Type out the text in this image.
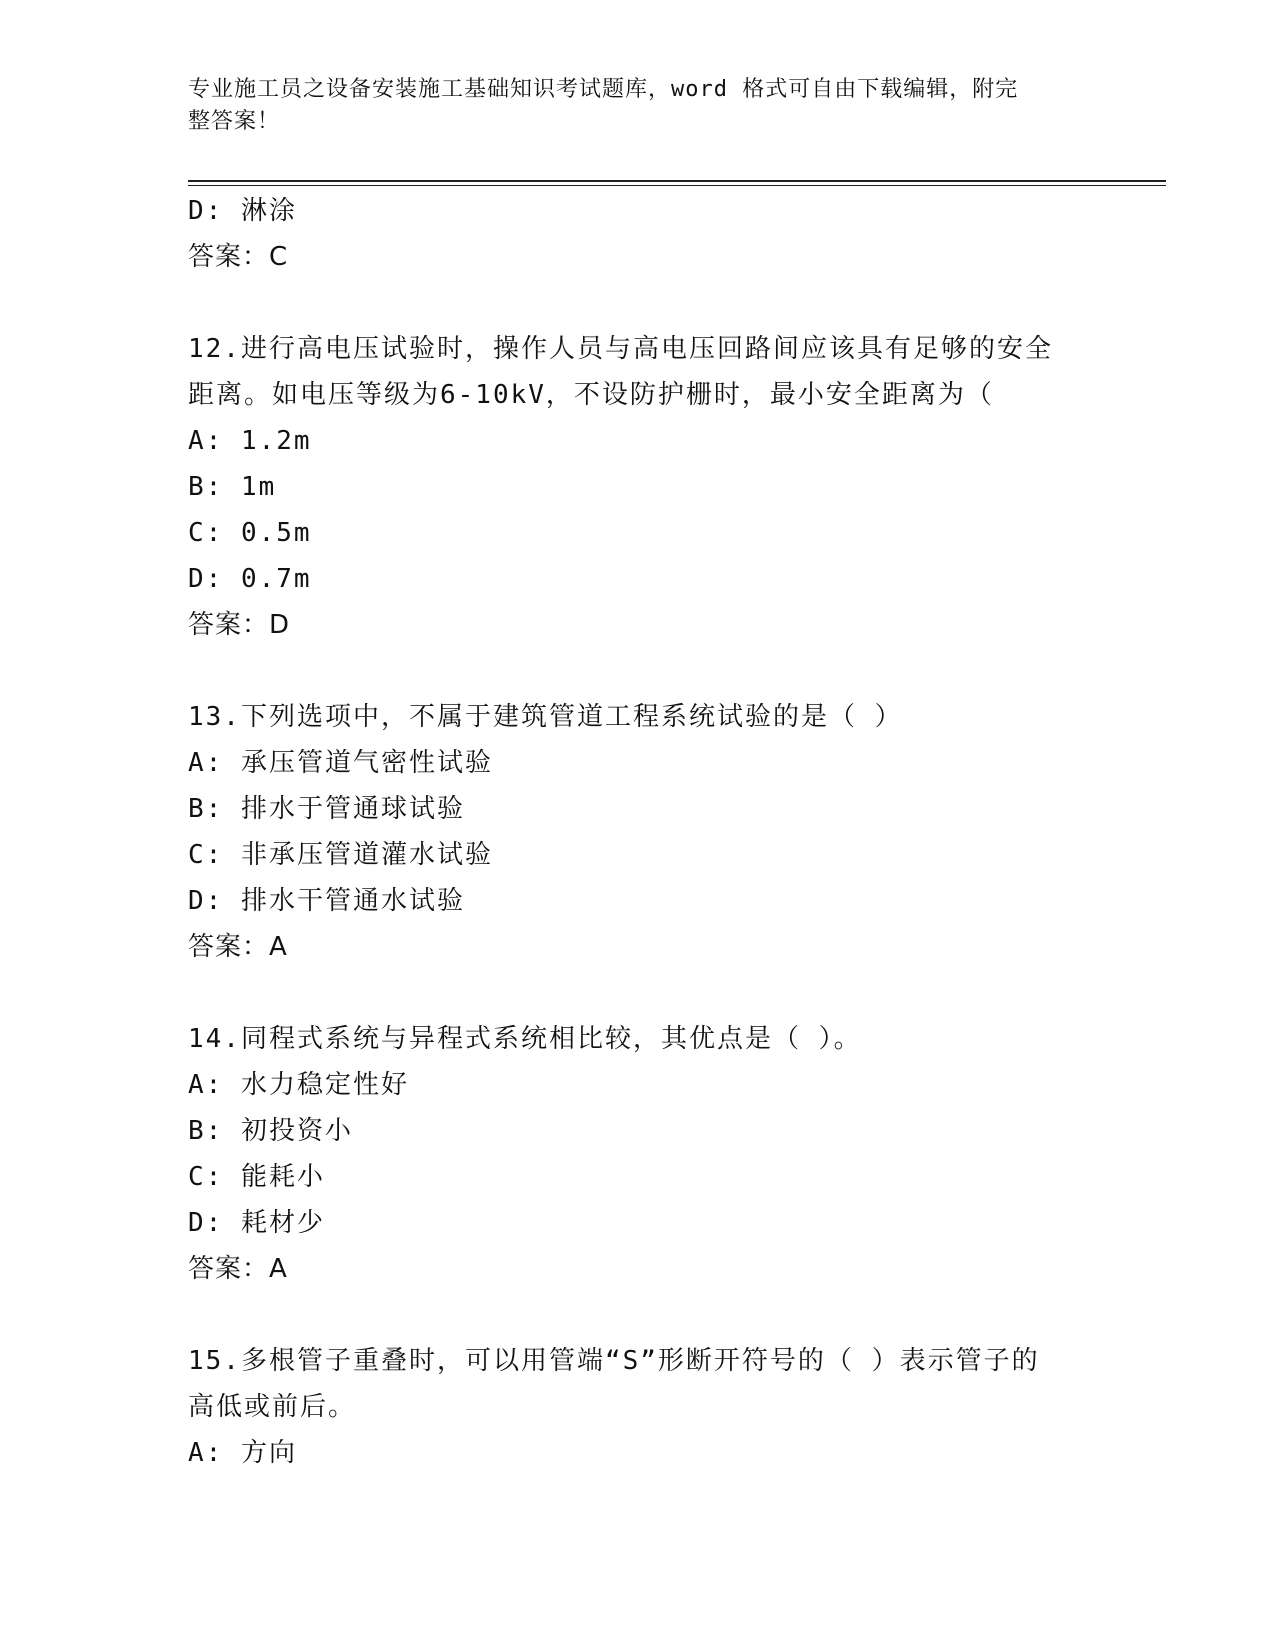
专业施工员之设备安装施工基础知识考试题库，word 格式可自由下载编辑，附完
整答案！
D: 淋涂
答案：C
12.进行高电压试验时，操作人员与高电压回路间应该具有足够的安全
距离。如电压等级为6-10kV，不设防护栅时，最小安全距离为（
A: 1.2m
B: 1m
C: 0.5m
D: 0.7m
答案：D
13.下列选项中，不属于建筑管道工程系统试验的是（ ）
A: 承压管道气密性试验
B: 排水于管通球试验
C: 非承压管道灌水试验
D: 排水干管通水试验
答案：A
14.同程式系统与异程式系统相比较，其优点是（ ）。
A: 水力稳定性好
B: 初投资小
C: 能耗小
D: 耗材少
答案：A
15.多根管子重叠时，可以用管端“S”形断开符号的（ ）表示管子的
高低或前后。
A: 方向
